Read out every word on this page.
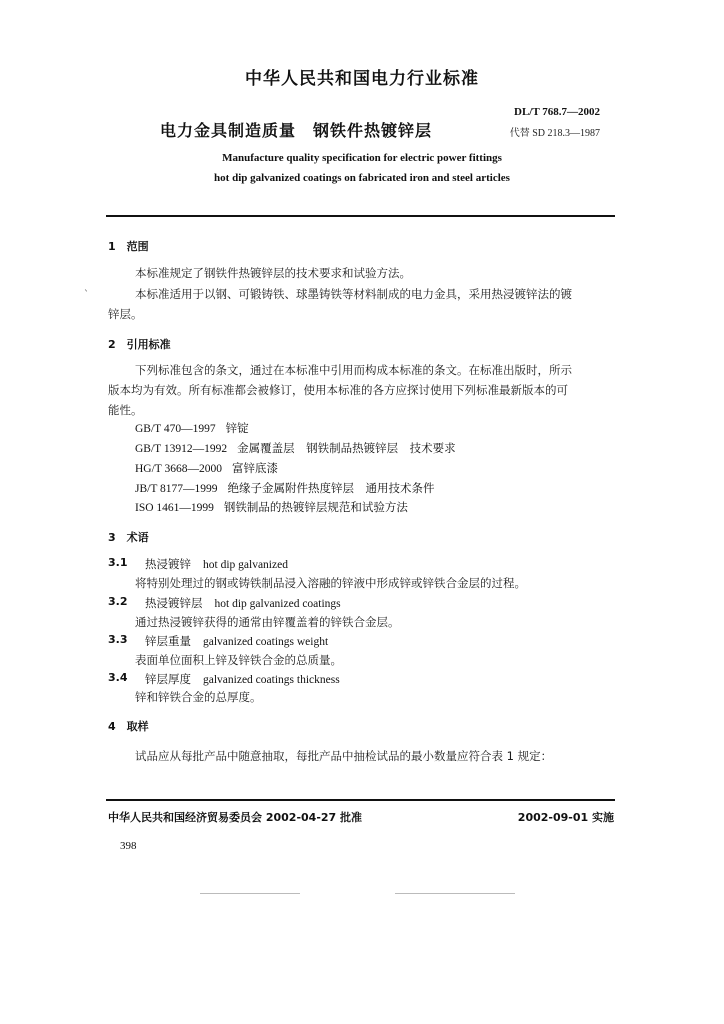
中华人民共和国电力行业标准
DL/T 768.7—2002
电力金具制造质量　钢铁件热镀锌层	代替 SD 218.3—1987
Manufacture quality specification for electric power fittings
hot dip galvanized coatings on fabricated iron and steel articles
1　范围
本标准规定了钢铁件热镀锌层的技术要求和试验方法。
本标准适用于以钢、可锻铸铁、球墨铸铁等材料制成的电力金具，采用热浸镀锌法的镀
锌层。
2　引用标准
下列标准包含的条文，通过在本标准中引用而构成本标准的条文。在标准出版时，所示
版本均为有效。所有标准都会被修订，使用本标准的各方应探讨使用下列标准最新版本的可
能性。
GB/T 470—1997 锌锭
GB/T 13912—1992 金属覆盖层　钢铁制品热镀锌层　技术要求
HG/T 3668—2000 富锌底漆
JB/T 8177—1999 绝缘子金属附件热度锌层　通用技术条件
ISO 1461—1999 钢铁制品的热镀锌层规范和试验方法
3　术语
3.1 热浸镀锌 hot dip galvanized
将特别处理过的钢或铸铁制品浸入溶融的锌液中形成锌或锌铁合金层的过程。
3.2 热浸镀锌层 hot dip galvanized coatings
通过热浸镀锌获得的通常由锌覆盖着的锌铁合金层。
3.3 锌层重量 galvanized coatings weight
表面单位面积上锌及锌铁合金的总质量。
3.4 锌层厚度 galvanized coatings thickness
锌和锌铁合金的总厚度。
4　取样
试品应从每批产品中随意抽取，每批产品中抽检试品的最小数量应符合表 1 规定：
中华人民共和国经济贸易委员会 2002-04-27 批准	2002-09-01 实施
398
ˋ
